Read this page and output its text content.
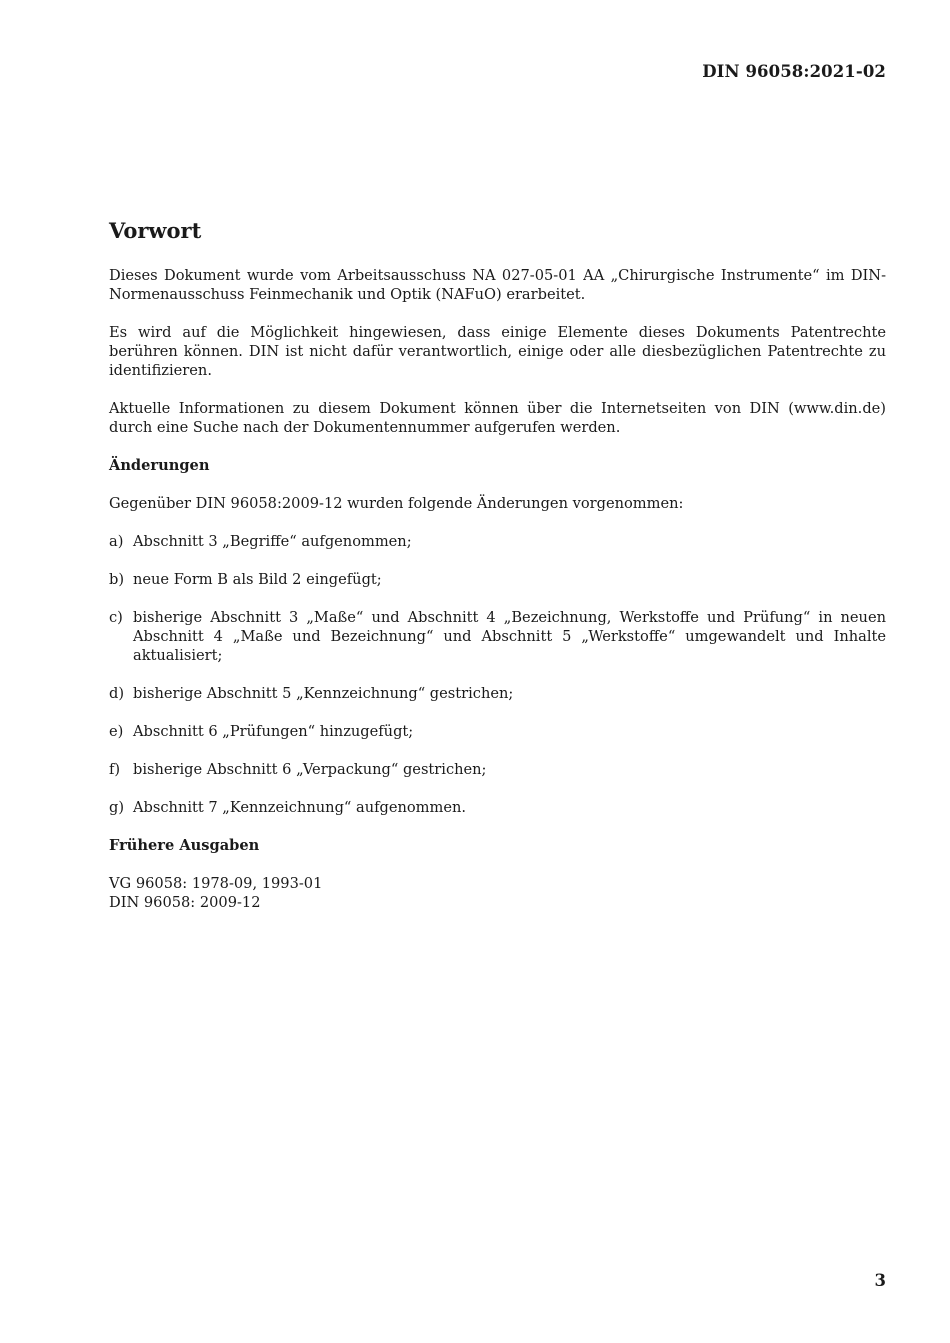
DIN 96058:2021-02
Vorwort

Dieses Dokument wurde vom Arbeitsausschuss NA 027-05-01 AA „Chirurgische Instrumente“ im DIN-Normenausschuss Feinmechanik und Optik (NAFuO) erarbeitet.

Es wird auf die Möglichkeit hingewiesen, dass einige Elemente dieses Dokuments Patentrechte berühren können. DIN ist nicht dafür verantwortlich, einige oder alle diesbezüglichen Patentrechte zu identifizieren.

Aktuelle Informationen zu diesem Dokument können über die Internetseiten von DIN (www.din.de) durch eine Suche nach der Dokumentennummer aufgerufen werden.

Änderungen

Gegenüber DIN 96058:2009-12 wurden folgende Änderungen vorgenommen:

a) Abschnitt 3 „Begriffe“ aufgenommen;
b) neue Form B als Bild 2 eingefügt;
c) bisherige Abschnitt 3 „Maße“ und Abschnitt 4 „Bezeichnung, Werkstoffe und Prüfung“ in neuen Abschnitt 4 „Maße und Bezeichnung“ und Abschnitt 5 „Werkstoffe“ umgewandelt und Inhalte aktualisiert;
d) bisherige Abschnitt 5 „Kennzeichnung“ gestrichen;
e) Abschnitt 6 „Prüfungen“ hinzugefügt;
f) bisherige Abschnitt 6 „Verpackung“ gestrichen;
g) Abschnitt 7 „Kennzeichnung“ aufgenommen.
Frühere Ausgaben
VG 96058: 1978-09, 1993-01
DIN 96058: 2009-12
3
